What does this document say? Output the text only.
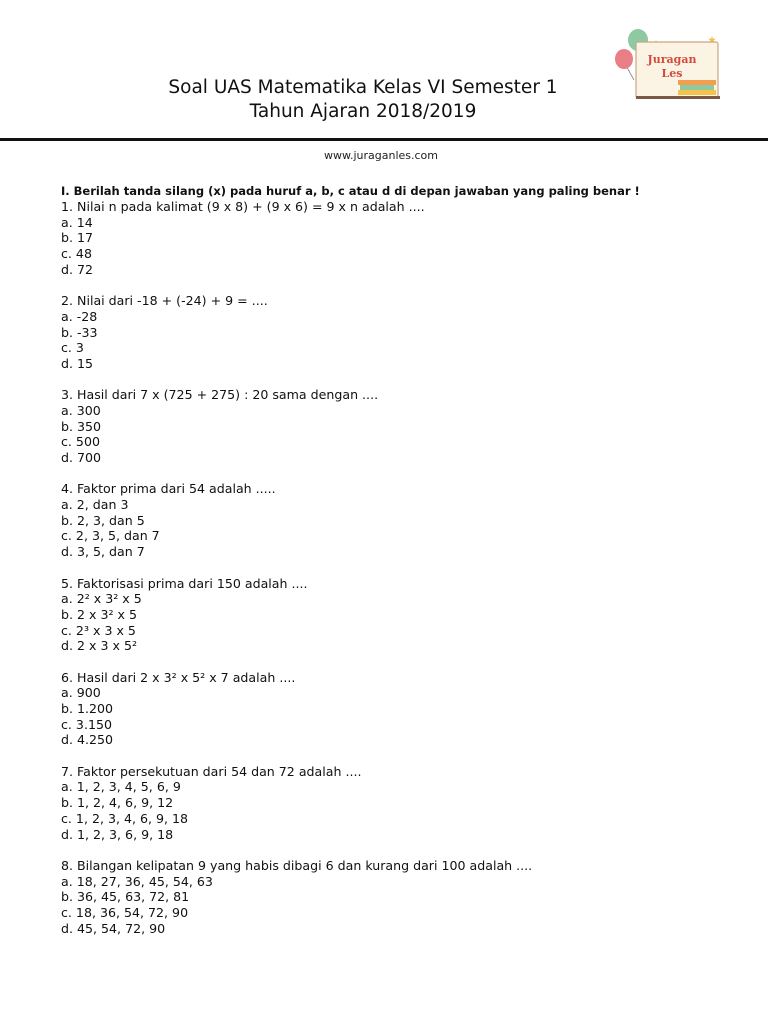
Soal UAS Matematika Kelas VI Semester 1
Tahun Ajaran 2018/2019
Juragan
Les
www.juraganles.com
I. Berilah tanda silang (x) pada huruf a, b, c atau d di depan jawaban yang paling benar !
1. Nilai n pada kalimat (9 x 8) + (9 x 6) = 9 x n adalah ....
a. 14
b. 17
c. 48
d. 72
2. Nilai dari -18 + (-24) + 9 = ....
a. -28
b. -33
c. 3
d. 15
3. Hasil dari 7 x (725 + 275) : 20 sama dengan ....
a. 300
b. 350
c. 500
d. 700
4. Faktor prima dari 54 adalah .....
a. 2, dan 3
b. 2, 3, dan 5
c. 2, 3, 5, dan 7
d. 3, 5, dan 7
5. Faktorisasi prima dari 150 adalah ....
a. 2² x 3² x 5
b. 2 x 3² x 5
c. 2³ x 3 x 5
d. 2 x 3 x 5²
6. Hasil dari 2 x 3² x 5² x 7 adalah ....
a. 900
b. 1.200
c. 3.150
d. 4.250
7. Faktor persekutuan dari 54 dan 72 adalah ....
a. 1, 2, 3, 4, 5, 6, 9
b. 1, 2, 4, 6, 9, 12
c. 1, 2, 3, 4, 6, 9, 18
d. 1, 2, 3, 6, 9, 18
8. Bilangan kelipatan 9 yang habis dibagi 6 dan kurang dari 100 adalah ....
a. 18, 27, 36, 45, 54, 63
b. 36, 45, 63, 72, 81
c. 18, 36, 54, 72, 90
d. 45, 54, 72, 90
